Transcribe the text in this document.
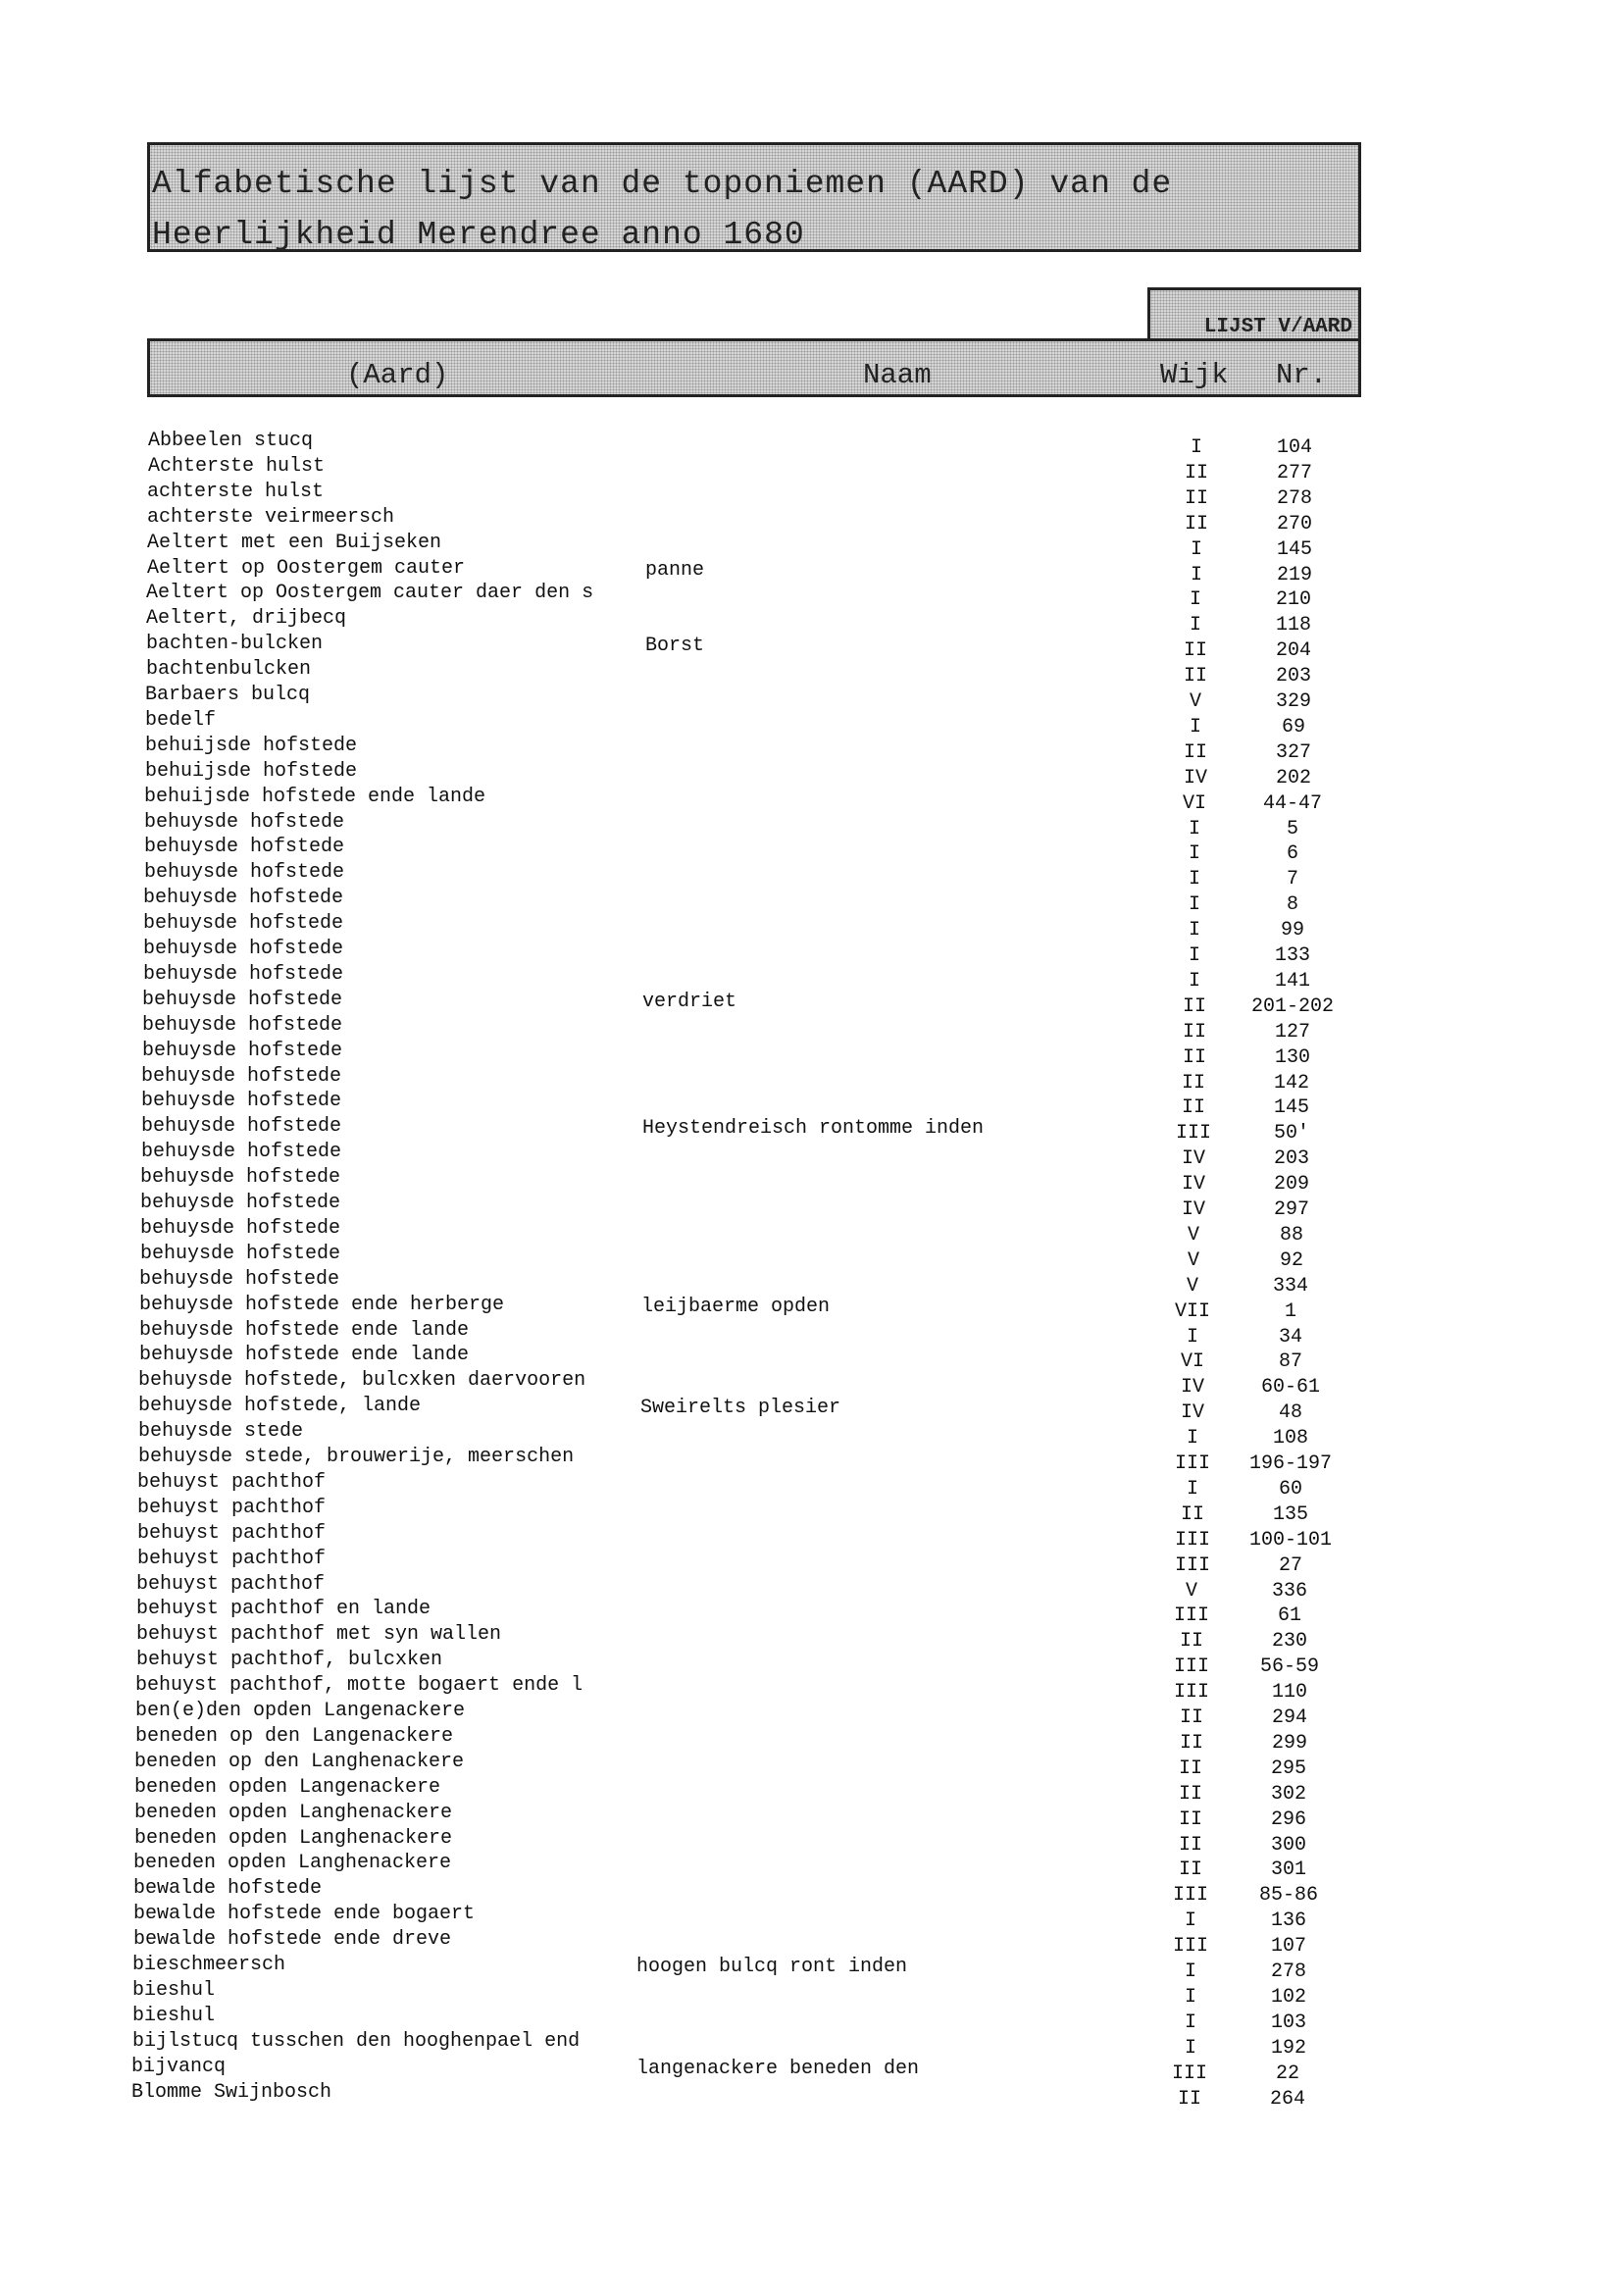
Alfabetische lijst van de toponiemen (AARD) van de
Heerlijkheid Merendree anno 1680
LIJST V/AARD
(Aard)	Naam	Wijk Nr.
Abbeelen stucq	I	104
Achterste hulst	II	277
achterste hulst	II	278
achterste veirmeersch	II	270
Aeltert met een Buijseken	I	145
Aeltert op Oostergem cauter	panne	I	219
Aeltert op Oostergem cauter daer den s	I	210
Aeltert, drijbecq	I	118
bachten-bulcken	Borst	II	204
bachtenbulcken	II	203
Barbaers bulcq	V	329
bedelf	I	69
behuijsde hofstede	II	327
behuijsde hofstede	IV	202
behuijsde hofstede ende lande	VI	44-47
behuysde hofstede	I	5
behuysde hofstede	I	6
behuysde hofstede	I	7
behuysde hofstede	I	8
behuysde hofstede	I	99
behuysde hofstede	I	133
behuysde hofstede	I	141
behuysde hofstede	verdriet	II	201-202
behuysde hofstede	II	127
behuysde hofstede	II	130
behuysde hofstede	II	142
behuysde hofstede	II	145
behuysde hofstede	Heystendreisch rontomme inden	III	50'
behuysde hofstede	IV	203
behuysde hofstede	IV	209
behuysde hofstede	IV	297
behuysde hofstede	V	88
behuysde hofstede	V	92
behuysde hofstede	V	334
behuysde hofstede ende herberge	leijbaerme opden	VII	1
behuysde hofstede ende lande	I	34
behuysde hofstede ende lande	VI	87
behuysde hofstede, bulcxken daervooren	IV	60-61
behuysde hofstede, lande	Sweirelts plesier	IV	48
behuysde stede	I	108
behuysde stede, brouwerije, meerschen	III	196-197
behuyst pachthof	I	60
behuyst pachthof	II	135
behuyst pachthof	III	100-101
behuyst pachthof	III	27
behuyst pachthof	V	336
behuyst pachthof en lande	III	61
behuyst pachthof met syn wallen	II	230
behuyst pachthof, bulcxken	III	56-59
behuyst pachthof, motte bogaert ende l	III	110
ben(e)den opden Langenackere	II	294
beneden op den Langenackere	II	299
beneden op den Langhenackere	II	295
beneden opden Langenackere	II	302
beneden opden Langhenackere	II	296
beneden opden Langhenackere	II	300
beneden opden Langhenackere	II	301
bewalde hofstede	III	85-86
bewalde hofstede ende bogaert	I	136
bewalde hofstede ende dreve	III	107
bieschmeersch	hoogen bulcq ront inden	I	278
bieshul	I	102
bieshul	I	103
bijlstucq tusschen den hooghenpael end	I	192
bijvancq	langenackere beneden den	III	22
Blomme Swijnbosch	II	264
